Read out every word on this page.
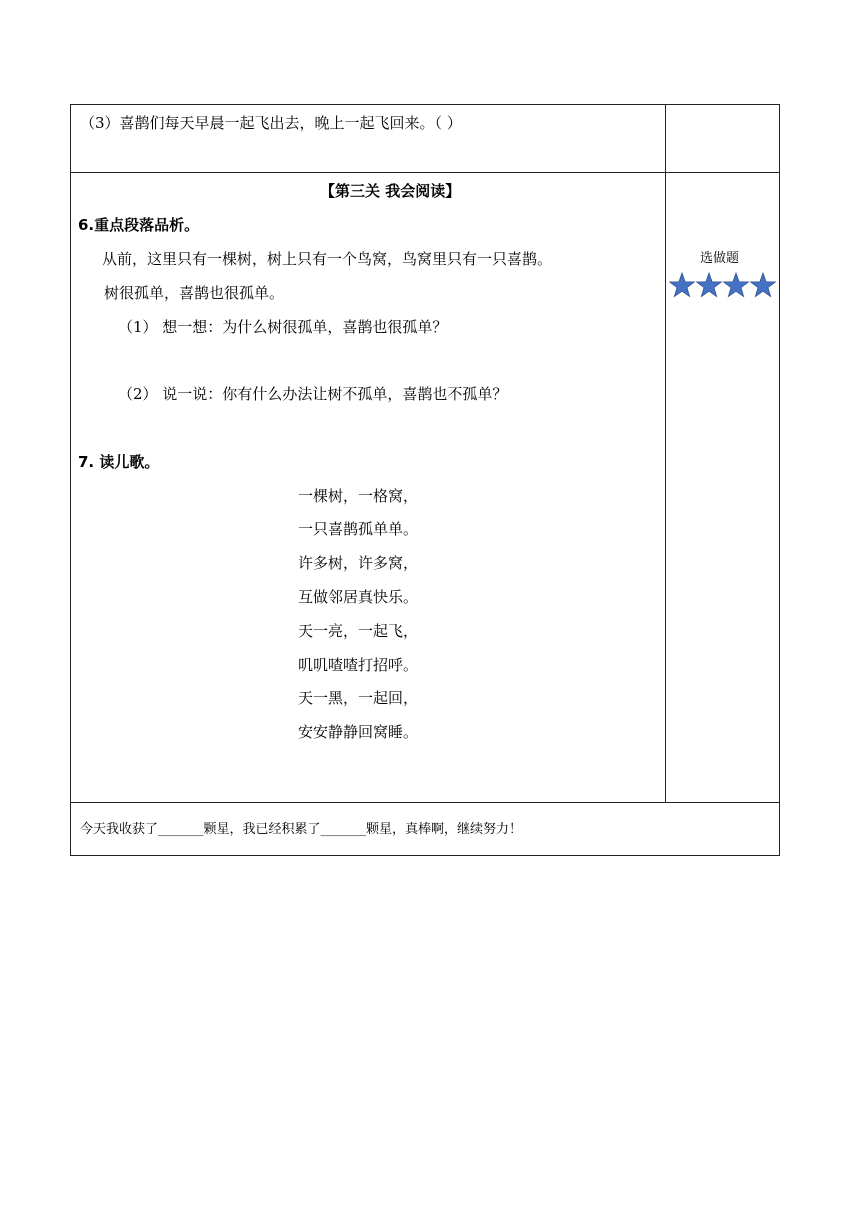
（3）喜鹊们每天早晨一起飞出去，晚上一起飞回来。（ ）
【第三关 我会阅读】
6.重点段落品析。
从前，这里只有一棵树，树上只有一个鸟窝，鸟窝里只有一只喜鹊。
树很孤单，喜鹊也很孤单。
（1） 想一想：为什么树很孤单，喜鹊也很孤单？
（2） 说一说：你有什么办法让树不孤单，喜鹊也不孤单？
选做题
7. 读儿歌。
一棵树，一格窝，
一只喜鹊孤单单。
许多树，许多窝，
互做邻居真快乐。
天一亮，一起飞，
叽叽喳喳打招呼。
天一黑，一起回，
安安静静回窝睡。
今天我收获了_______颗星，我已经积累了_______颗星，真棒啊，继续努力！
